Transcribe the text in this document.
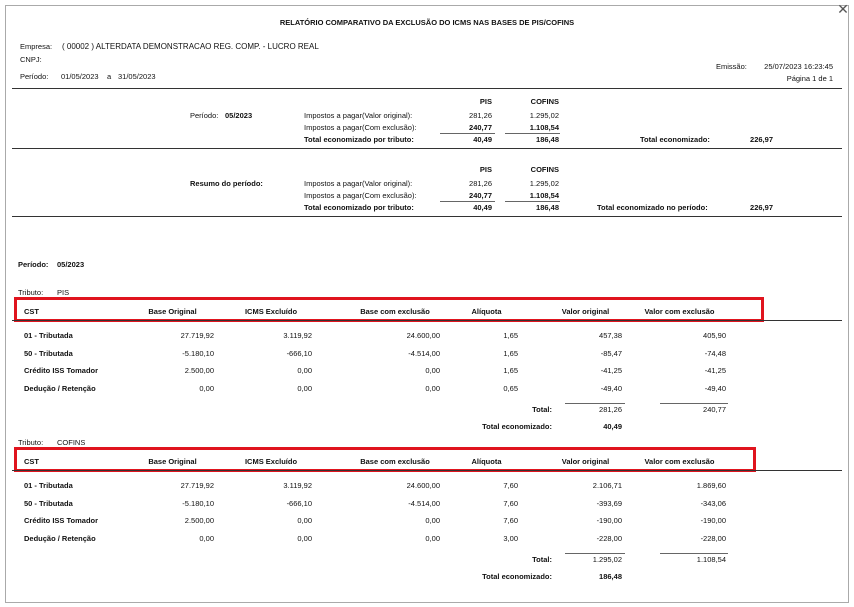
✕
RELATÓRIO COMPARATIVO DA EXCLUSÃO DO ICMS NAS BASES DE PIS/COFINS
Empresa: ( 00002 ) ALTERDATA DEMONSTRACAO REG. COMP. - LUCRO REAL
CNPJ:
Período: 01/05/2023 a 31/05/2023
Emissão:	25/07/2023 16:23:45
Página 1 de 1
PIS	COFINS
Período: 05/2023	Impostos a pagar(Valor original):	281,26	1.295,02
Impostos a pagar(Com exclusão):	240,77	1.108,54
Total economizado por tributo:	40,49	186,48	Total economizado:	226,97
PIS	COFINS
Resumo do período:	Impostos a pagar(Valor original):	281,26	1.295,02
Impostos a pagar(Com exclusão):	240,77	1.108,54
Total economizado por tributo:	40,49	186,48	Total economizado no período:	226,97
Período: 05/2023
Tributo: PIS
CST	Base Original	ICMS Excluído	Base com exclusão	Alíquota	Valor original	Valor com exclusão
01 - Tributada	27.719,92	3.119,92	24.600,00	1,65	457,38	405,90
50 - Tributada	-5.180,10	-666,10	-4.514,00	1,65	-85,47	-74,48
Crédito ISS Tomador	2.500,00	0,00	0,00	1,65	-41,25	-41,25
Dedução / Retenção	0,00	0,00	0,00	0,65	-49,40	-49,40
Total:	281,26	240,77
Total economizado:	40,49
Tributo: COFINS
CST	Base Original	ICMS Excluído	Base com exclusão	Alíquota	Valor original	Valor com exclusão
01 - Tributada	27.719,92	3.119,92	24.600,00	7,60	2.106,71	1.869,60
50 - Tributada	-5.180,10	-666,10	-4.514,00	7,60	-393,69	-343,06
Crédito ISS Tomador	2.500,00	0,00	0,00	7,60	-190,00	-190,00
Dedução / Retenção	0,00	0,00	0,00	3,00	-228,00	-228,00
Total:	1.295,02	1.108,54
Total economizado:	186,48
